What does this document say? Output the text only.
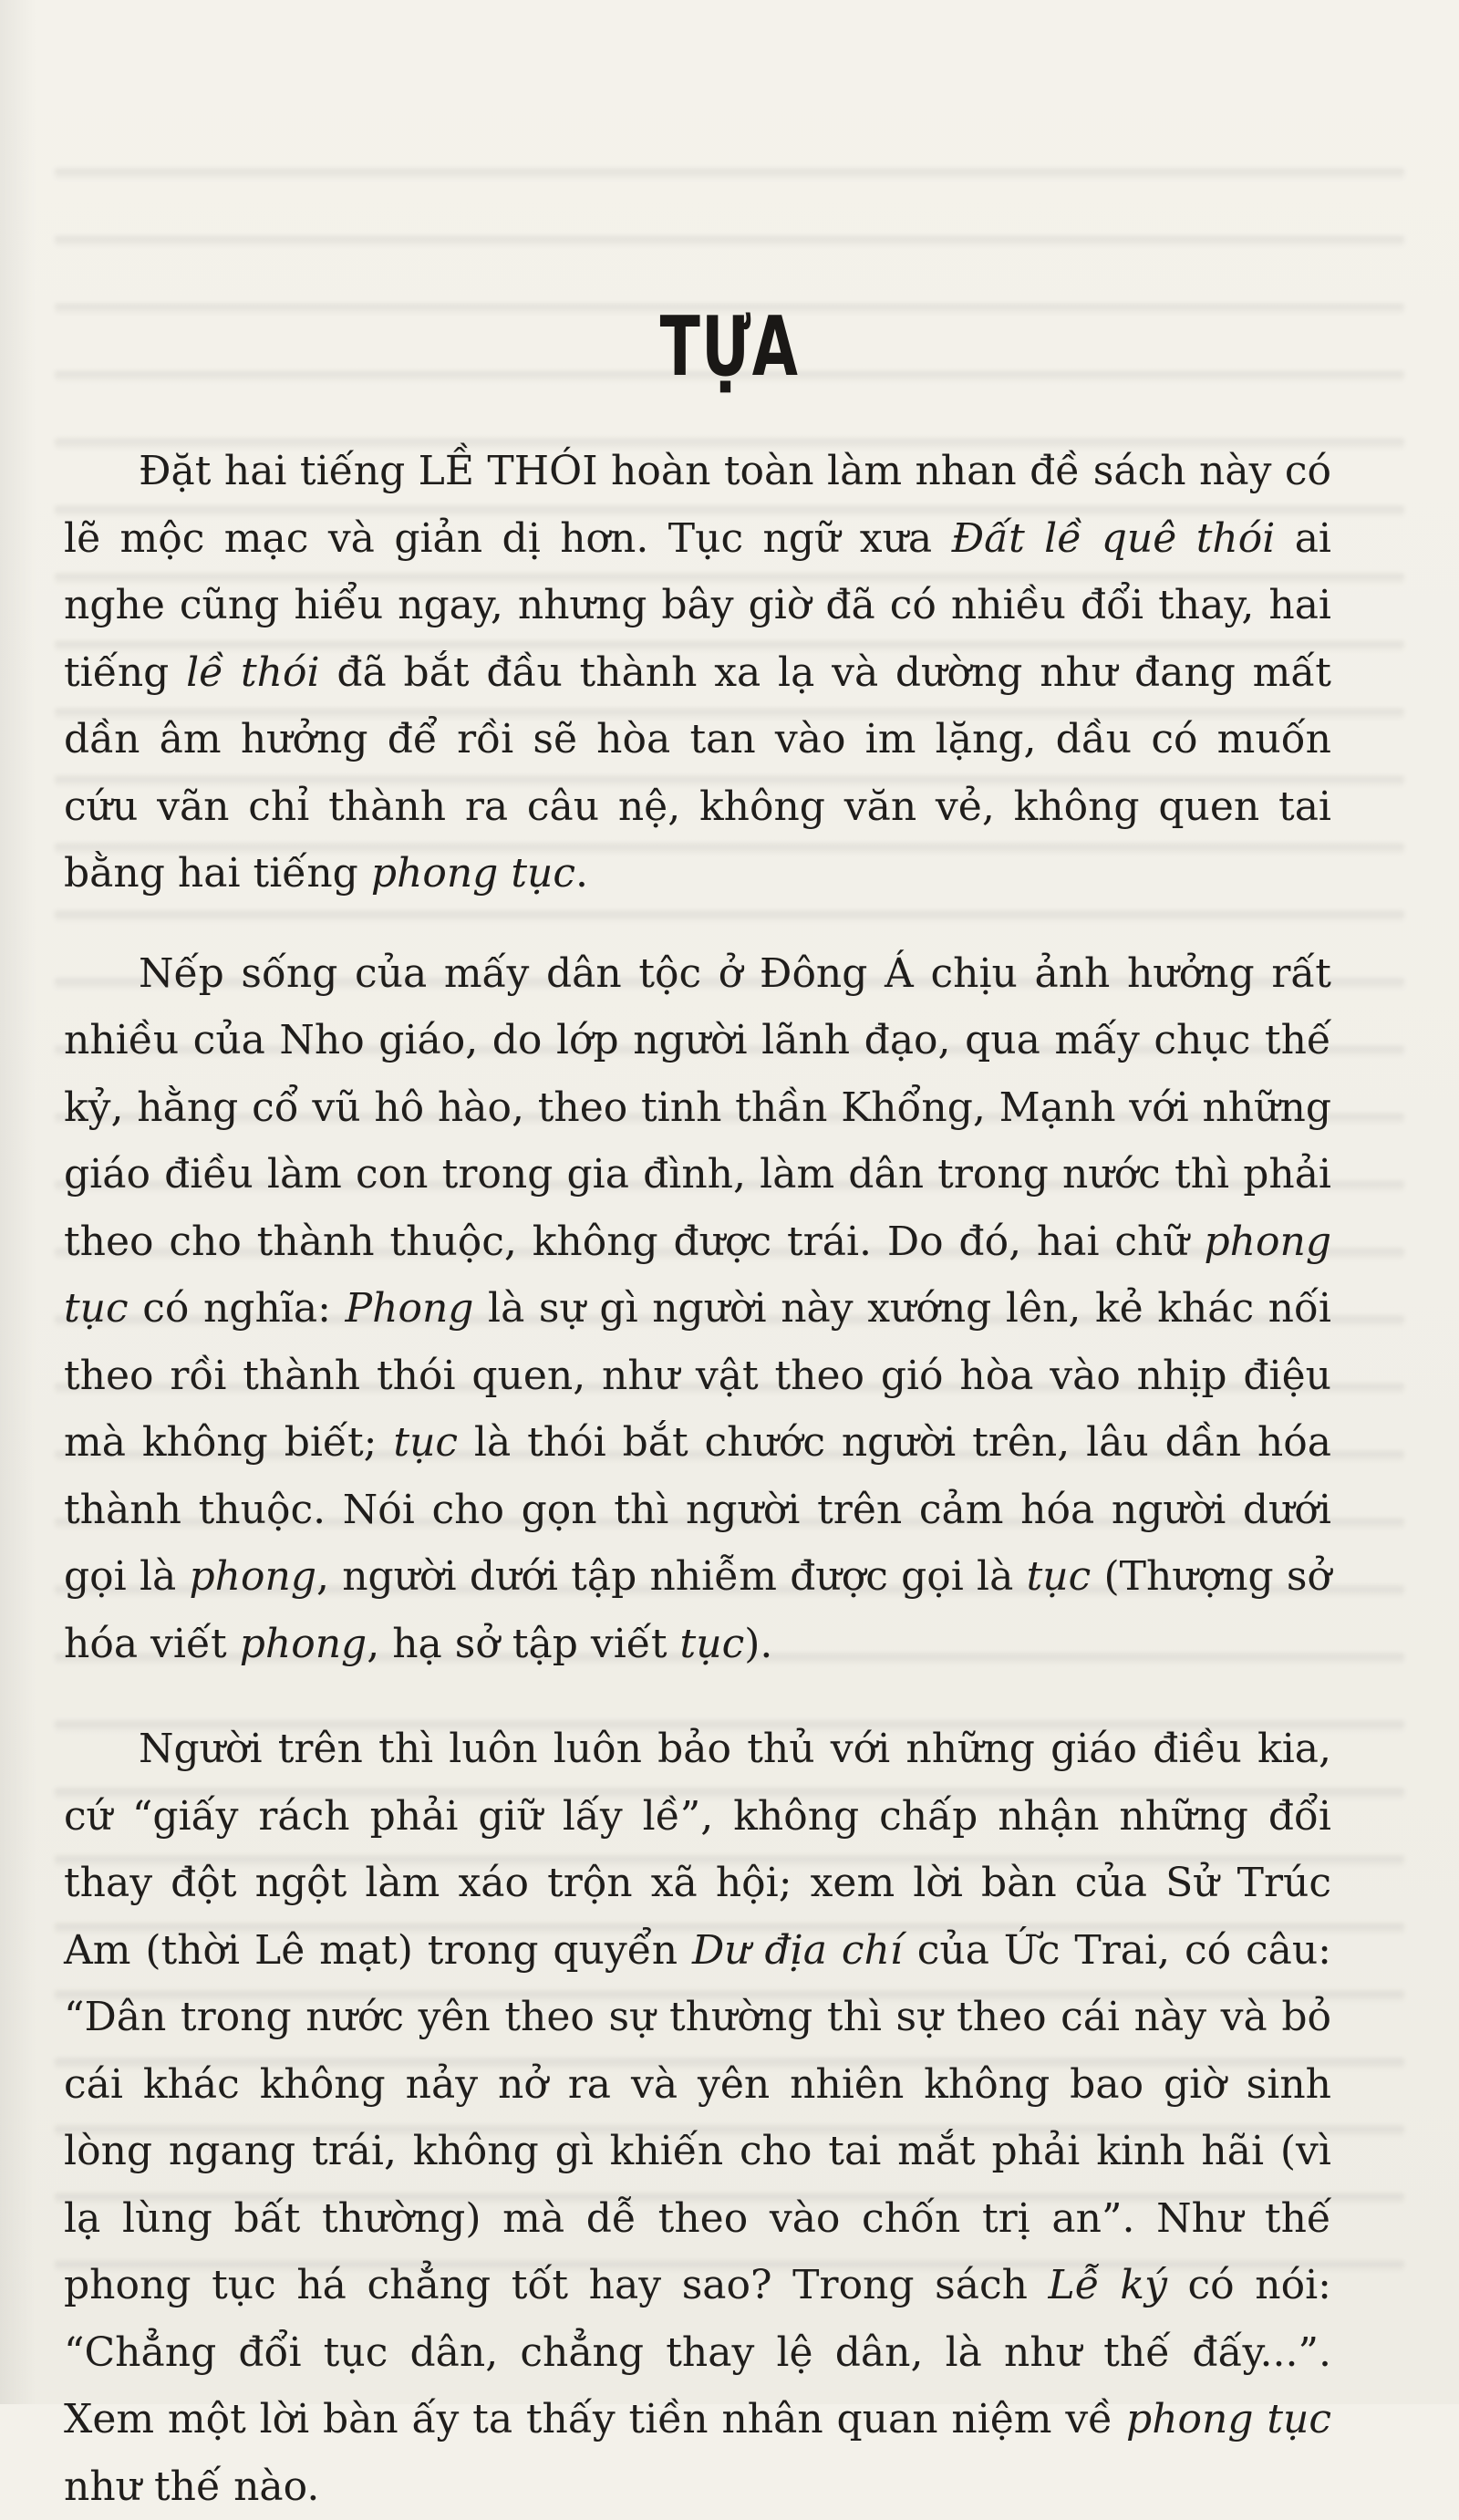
TỰA

Đặt hai tiếng LỀ THÓI hoàn toàn làm nhan đề sách này có lẽ mộc mạc và giản dị hơn. Tục ngữ xưa Đất lề quê thói ai nghe cũng hiểu ngay, nhưng bây giờ đã có nhiều đổi thay, hai tiếng lề thói đã bắt đầu thành xa lạ và dường như đang mất dần âm hưởng để rồi sẽ hòa tan vào im lặng, dầu có muốn cứu vãn chỉ thành ra câu nệ, không văn vẻ, không quen tai bằng hai tiếng phong tục.

Nếp sống của mấy dân tộc ở Đông Á chịu ảnh hưởng rất nhiều của Nho giáo, do lớp người lãnh đạo, qua mấy chục thế kỷ, hằng cổ vũ hô hào, theo tinh thần Khổng, Mạnh với những giáo điều làm con trong gia đình, làm dân trong nước thì phải theo cho thành thuộc, không được trái. Do đó, hai chữ phong tục có nghĩa: Phong là sự gì người này xướng lên, kẻ khác nối theo rồi thành thói quen, như vật theo gió hòa vào nhịp điệu mà không biết; tục là thói bắt chước người trên, lâu dần hóa thành thuộc. Nói cho gọn thì người trên cảm hóa người dưới gọi là phong, người dưới tập nhiễm được gọi là tục (Thượng sở hóa viết phong, hạ sở tập viết tục).

Người trên thì luôn luôn bảo thủ với những giáo điều kia, cứ “giấy rách phải giữ lấy lề”, không chấp nhận những đổi thay đột ngột làm xáo trộn xã hội; xem lời bàn của Sử Trúc Am (thời Lê mạt) trong quyển Dư địa chí của Ức Trai, có câu: “Dân trong nước yên theo sự thường thì sự theo cái này và bỏ cái khác không nảy nở ra và yên nhiên không bao giờ sinh lòng ngang trái, không gì khiến cho tai mắt phải kinh hãi (vì lạ lùng bất thường) mà dễ theo vào chốn trị an”. Như thế phong tục há chẳng tốt hay sao? Trong sách Lễ ký có nói: “Chẳng đổi tục dân, chẳng thay lệ dân, là như thế đấy...”. Xem một lời bàn ấy ta thấy tiền nhân quan niệm về phong tục như thế nào.
